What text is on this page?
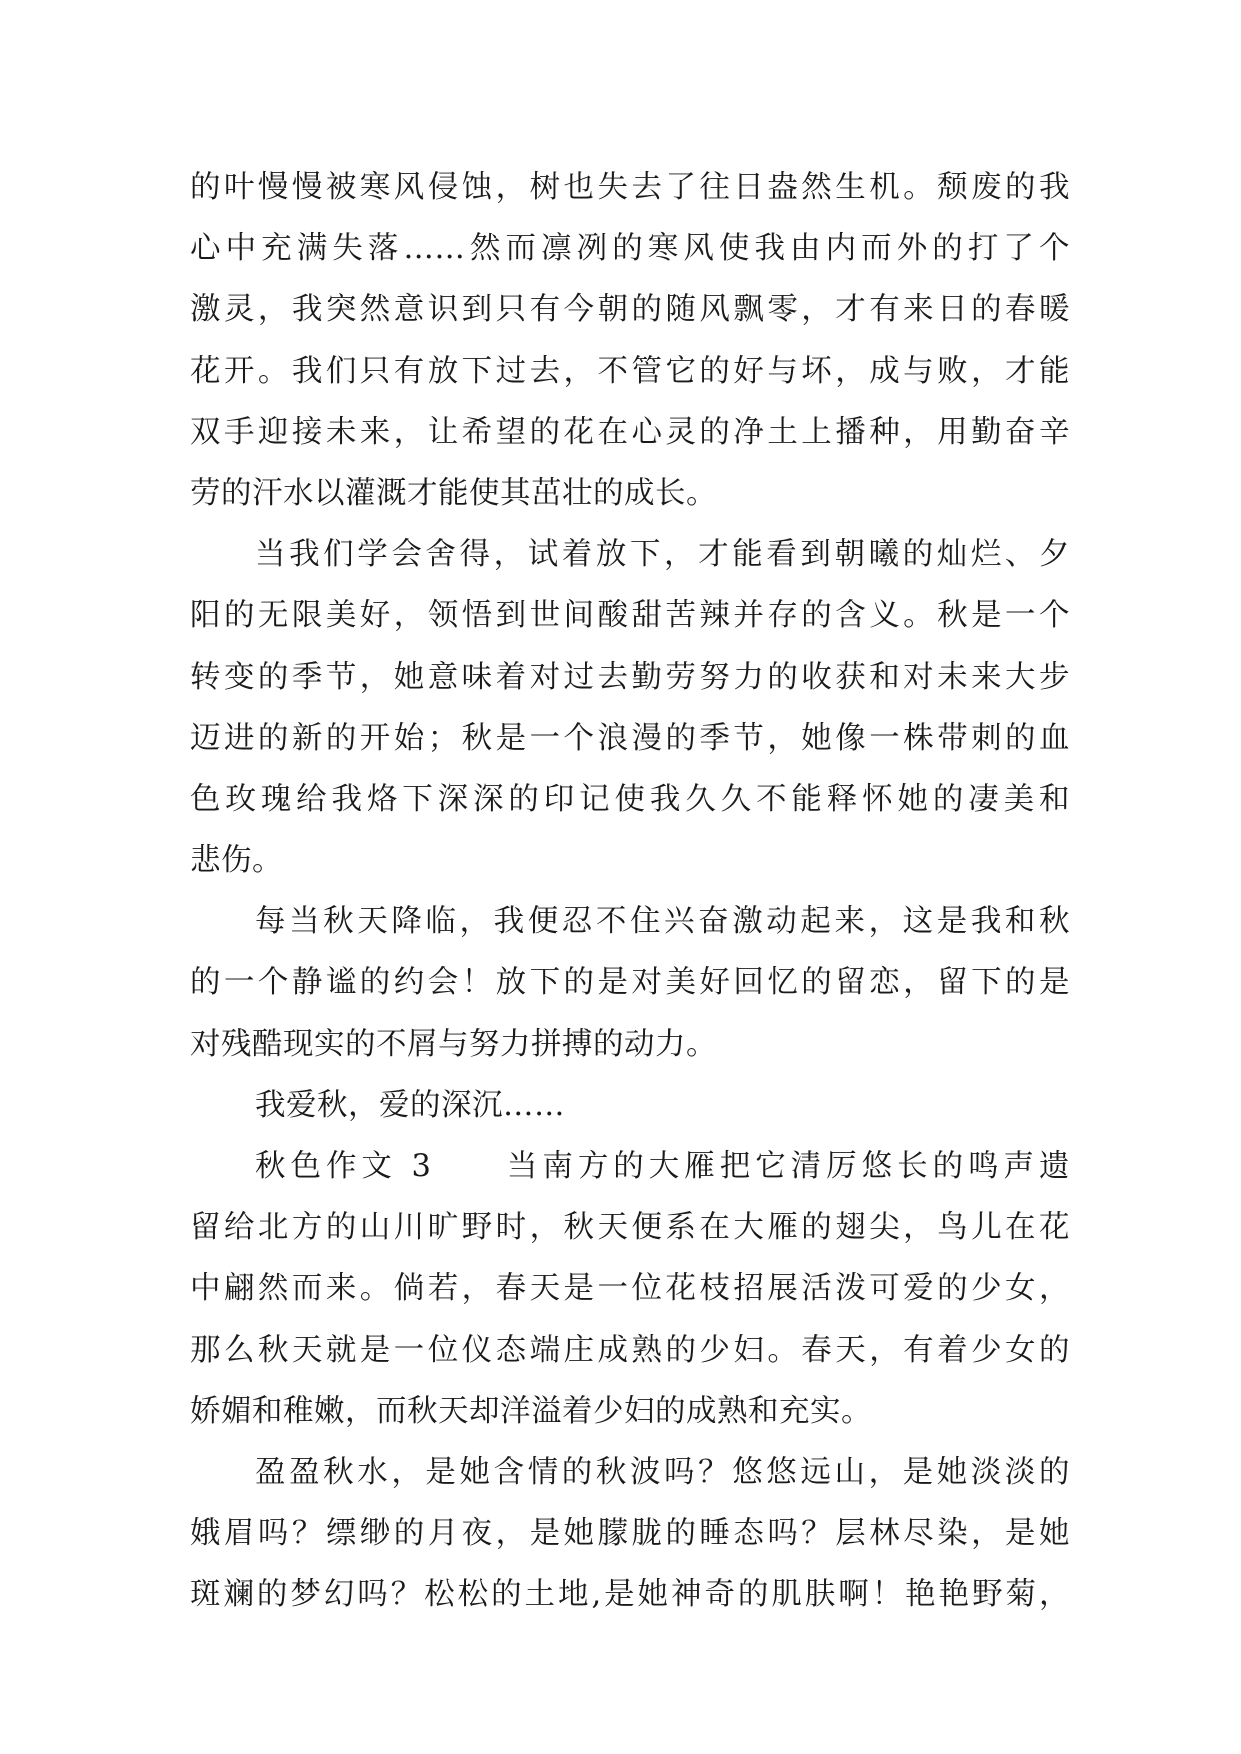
的叶慢慢被寒风侵蚀，树也失去了往日盎然生机。颓废的我
心中充满失落……然而凛冽的寒风使我由内而外的打了个
激灵，我突然意识到只有今朝的随风飘零，才有来日的春暖
花开。我们只有放下过去，不管它的好与坏，成与败，才能
双手迎接未来，让希望的花在心灵的净土上播种，用勤奋辛
劳的汗水以灌溉才能使其茁壮的成长。
当我们学会舍得，试着放下，才能看到朝曦的灿烂、夕
阳的无限美好，领悟到世间酸甜苦辣并存的含义。秋是一个
转变的季节，她意味着对过去勤劳努力的收获和对未来大步
迈进的新的开始；秋是一个浪漫的季节，她像一株带刺的血
色玫瑰给我烙下深深的印记使我久久不能释怀她的凄美和
悲伤。
每当秋天降临，我便忍不住兴奋激动起来，这是我和秋
的一个静谧的约会！放下的是对美好回忆的留恋，留下的是
对残酷现实的不屑与努力拼搏的动力。
我爱秋，爱的深沉……
秋色作文 3　　当南方的大雁把它清厉悠长的鸣声遗
留给北方的山川旷野时，秋天便系在大雁的翅尖，鸟儿在花
中翩然而来。倘若，春天是一位花枝招展活泼可爱的少女，
那么秋天就是一位仪态端庄成熟的少妇。春天，有着少女的
娇媚和稚嫩，而秋天却洋溢着少妇的成熟和充实。
盈盈秋水，是她含情的秋波吗？悠悠远山，是她淡淡的
娥眉吗？缥缈的月夜，是她朦胧的睡态吗？层林尽染，是她
斑斓的梦幻吗？松松的土地,是她神奇的肌肤啊！艳艳野菊，
